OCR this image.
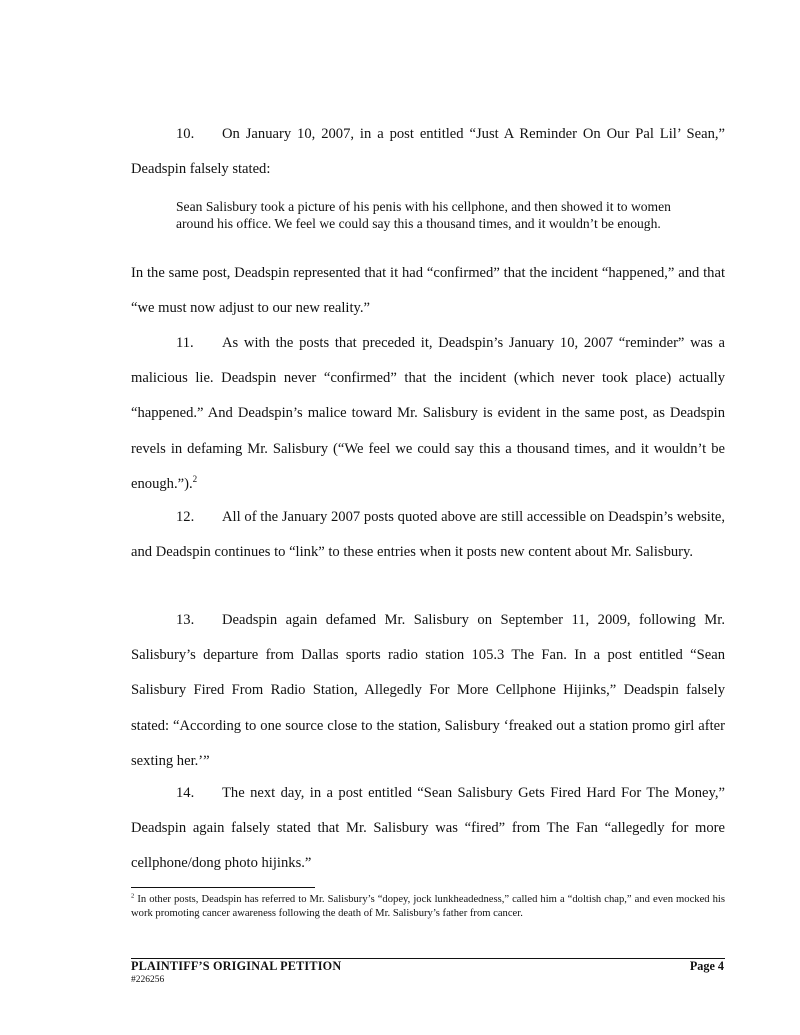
10. On January 10, 2007, in a post entitled “Just A Reminder On Our Pal Lil’ Sean,” Deadspin falsely stated:
Sean Salisbury took a picture of his penis with his cellphone, and then showed it to women around his office. We feel we could say this a thousand times, and it wouldn’t be enough.
In the same post, Deadspin represented that it had “confirmed” that the incident “happened,” and that “we must now adjust to our new reality.”
11. As with the posts that preceded it, Deadspin’s January 10, 2007 “reminder” was a malicious lie. Deadspin never “confirmed” that the incident (which never took place) actually “happened.” And Deadspin’s malice toward Mr. Salisbury is evident in the same post, as Deadspin revels in defaming Mr. Salisbury (“We feel we could say this a thousand times, and it wouldn’t be enough.”).$^2$
12. All of the January 2007 posts quoted above are still accessible on Deadspin’s website, and Deadspin continues to “link” to these entries when it posts new content about Mr. Salisbury.
13. Deadspin again defamed Mr. Salisbury on September 11, 2009, following Mr. Salisbury’s departure from Dallas sports radio station 105.3 The Fan. In a post entitled “Sean Salisbury Fired From Radio Station, Allegedly For More Cellphone Hijinks,” Deadspin falsely stated: “According to one source close to the station, Salisbury ‘freaked out a station promo girl after sexting her.’”
14. The next day, in a post entitled “Sean Salisbury Gets Fired Hard For The Money,” Deadspin again falsely stated that Mr. Salisbury was “fired” from The Fan “allegedly for more cellphone/dong photo hijinks.”
$^2$ In other posts, Deadspin has referred to Mr. Salisbury’s “dopey, jock lunkheadedness,” called him a “doltish chap,” and even mocked his work promoting cancer awareness following the death of Mr. Salisbury’s father from cancer.
PLAINTIFF’S ORIGINAL PETITION	Page 4
#226256
